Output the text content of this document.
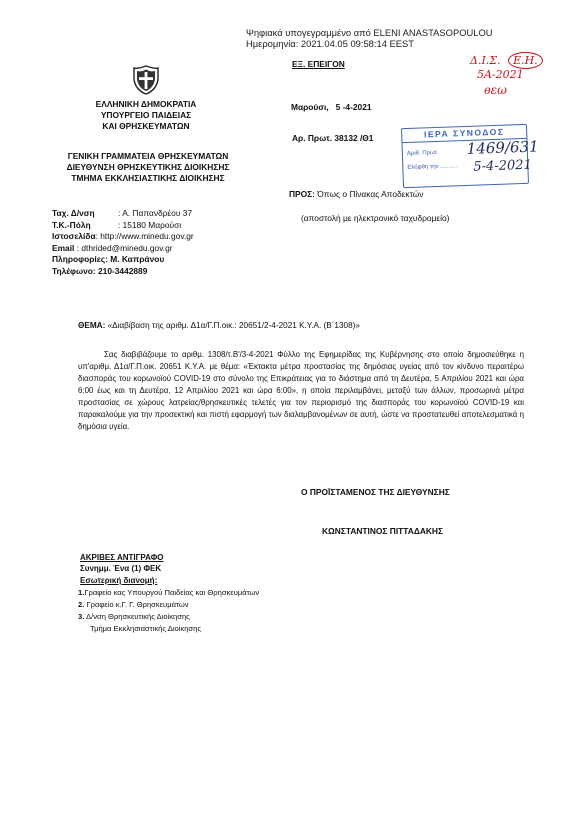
Ψηφιακά υπογεγραμμένο από ELENI ANASTASOPOULOU
Ημερομηνία: 2021.04.05 09:58:14 EEST
ΕΞ. ΕΠΕΙΓΟΝ	Δ.Ι.Σ. Ε.Η.
5Α-2021
ѳεω
ΕΛΛΗΝΙΚΗ ΔΗΜΟΚΡΑΤΙΑ
ΥΠΟΥΡΓΕΙΟ ΠΑΙΔΕΙΑΣ
ΚΑΙ ΘΡΗΣΚΕΥΜΑΤΩΝ
ΓΕΝΙΚΗ ΓΡΑΜΜΑΤΕΙΑ ΘΡΗΣΚΕΥΜΑΤΩΝ
ΔΙΕΥΘΥΝΣΗ ΘΡΗΣΚΕΥΤΙΚΗΣ ΔΙΟΙΚΗΣΗΣ
ΤΜΗΜΑ ΕΚΚΛΗΣΙΑΣΤΙΚΗΣ ΔΙΟΙΚΗΣΗΣ
Μαρούσι,   5 -4-2021
Αρ. Πρωτ. 38132 /Θ1	ΙΕΡΑ ΣΥΝΟΔΟΣ
Αριθ. Πρωτ.
Ελήφθη την ..........
1469/631
5-4-2021
ΠΡΟΣ: Όπως ο Πίνακας Αποδεκτών
(αποστολή με ηλεκτρονικό ταχυδρομείο)
Ταχ. Δ/νση	: Α. Παπανδρέου 37
Τ.Κ.-Πόλη	: 15180 Μαρούσι
Ιστοσελίδα: http://www.minedu.gov.gr
Email : dthrided@minedu.gov.gr
Πληροφορίες: Μ. Καπράνου
Τηλέφωνο: 210-3442889
ΘΕΜΑ: «Διαβίβαση της αριθμ. Δ1α/Γ.Π.οικ.: 20651/2-4-2021 Κ.Υ.Α. (Β΄1308)»
Σας διαβιβάζουμε το αριθμ. 1308/τ.Β'/3-4-2021 Φύλλο της Εφημερίδας της Κυβέρνησης στο οποίο δημοσιεύθηκε η υπ'αριθμ. Δ1α/Γ.Π.οικ. 20651 Κ.Υ.Α. με θέμα: «Έκτακτα μέτρα προστασίας της δημόσιας υγείας από τον κίνδυνο περαιτέρω διασποράς του κορωνοϊού COVID-19 στο σύνολο της Επικράτειας για το διάστημα από τη Δευτέρα, 5 Απριλίου 2021 και ώρα 6:00 έως και τη Δευτέρα, 12 Απριλίου 2021 και ώρα 6:00», η οποία περιλαμβάνει, μεταξύ των άλλων, προσωρινά μέτρα προστασίας σε χώρους λατρείας/θρησκευτικές τελετές για τον περιορισμό της διασποράς του κορωνοϊού COVID-19 και παρακαλούμε για την προσεκτική και πιστή εφαρμογή των διαλαμβανομένων σε αυτή, ώστε να προστατευθεί αποτελεσματικά η δημόσια υγεία.
Ο ΠΡΟΪΣΤΑΜΕΝΟΣ ΤΗΣ ΔΙΕΥΘΥΝΣΗΣ
ΚΩΝΣΤΑΝΤΙΝΟΣ ΠΙΤΤΑΔΑΚΗΣ
ΑΚΡΙΒΕΣ ΑΝΤΙΓΡΑΦΟ
Συνημμ. Ένα (1) ΦΕΚ
Εσωτερική διανομή:
1.Γραφείο κας Υπουργού Παιδείας και Θρησκευμάτων
2. Γραφείο κ.Γ. Γ. Θρησκευμάτων
3. Δ/νση Θρησκευτικής Διοίκησης
Τμήμα Εκκλησιαστικής Διοίκησης
